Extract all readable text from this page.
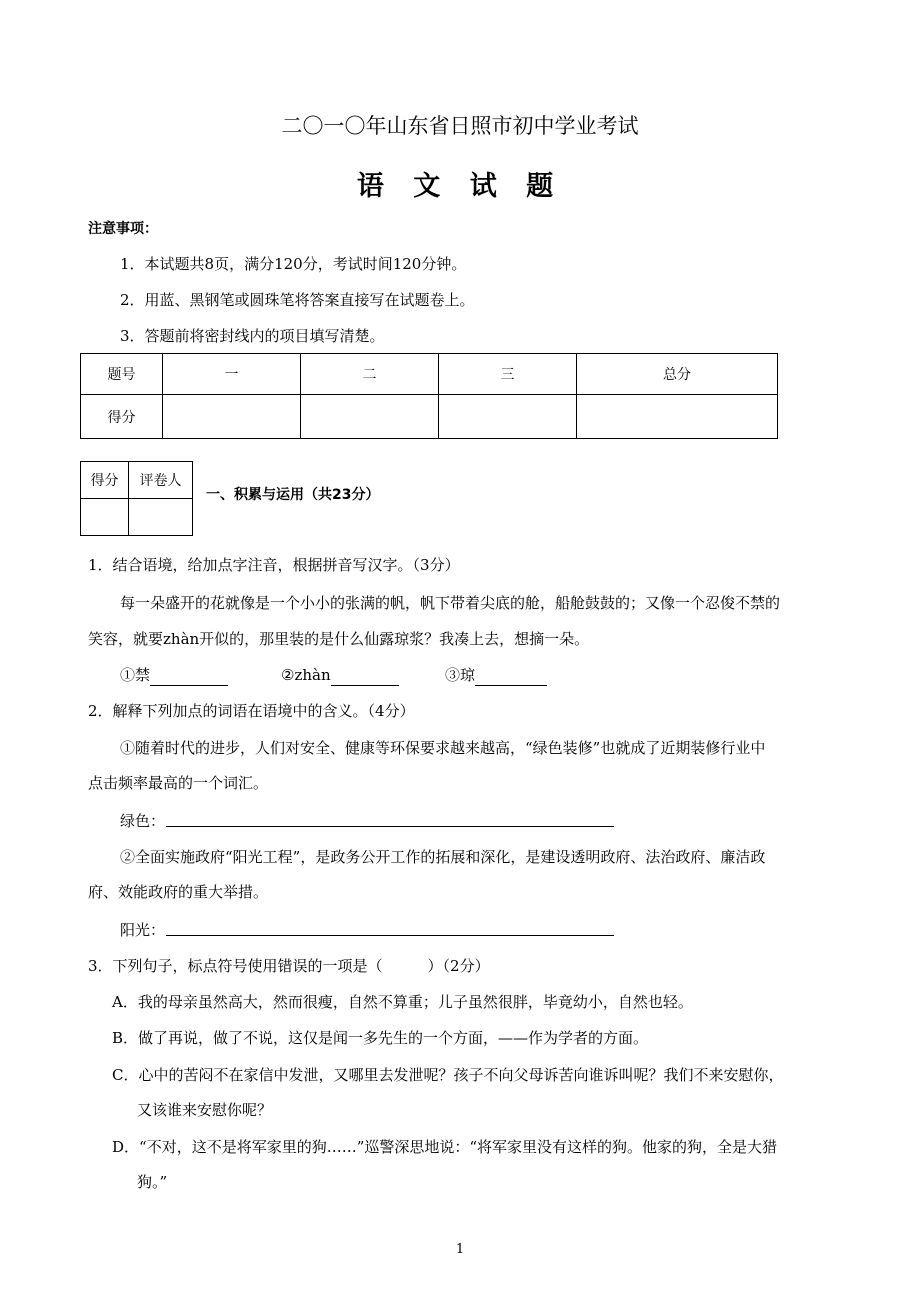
二〇一〇年山东省日照市初中学业考试
语 文 试 题
注意事项：
1．本试题共8页，满分120分，考试时间120分钟。
2．用蓝、黑钢笔或圆珠笔将答案直接写在试题卷上。
3．答题前将密封线内的项目填写清楚。
题号	一	二	三	总分
得分				
得分	评卷人

一、积累与运用（共23分）
1．结合语境，给加点字注音，根据拼音写汉字。（3分）
每一朵盛开的花就像是一个小小的张满的帆，帆下带着尖底的舱，船舱鼓鼓的；又像一个忍俊不禁的
笑容，就要zhàn开似的，那里装的是什么仙露琼浆？我凑上去，想摘一朵。
①禁	②zhàn	③琼
2．解释下列加点的词语在语境中的含义。（4分）
①随着时代的进步，人们对安全、健康等环保要求越来越高，“绿色装修”也就成了近期装修行业中
点击频率最高的一个词汇。
绿色：
②全面实施政府“阳光工程”，是政务公开工作的拓展和深化，是建设透明政府、法治政府、廉洁政
府、效能政府的重大举措。
阳光：
3．下列句子，标点符号使用错误的一项是（　　　）（2分）
A．我的母亲虽然高大，然而很瘦，自然不算重；儿子虽然很胖，毕竟幼小，自然也轻。
B．做了再说，做了不说，这仅是闻一多先生的一个方面，——作为学者的方面。
C．心中的苦闷不在家信中发泄，又哪里去发泄呢？孩子不向父母诉苦向谁诉叫呢？我们不来安慰你，
又该谁来安慰你呢？
D．“不对，这不是将军家里的狗……”巡警深思地说：“将军家里没有这样的狗。他家的狗，全是大猎
狗。”
1
